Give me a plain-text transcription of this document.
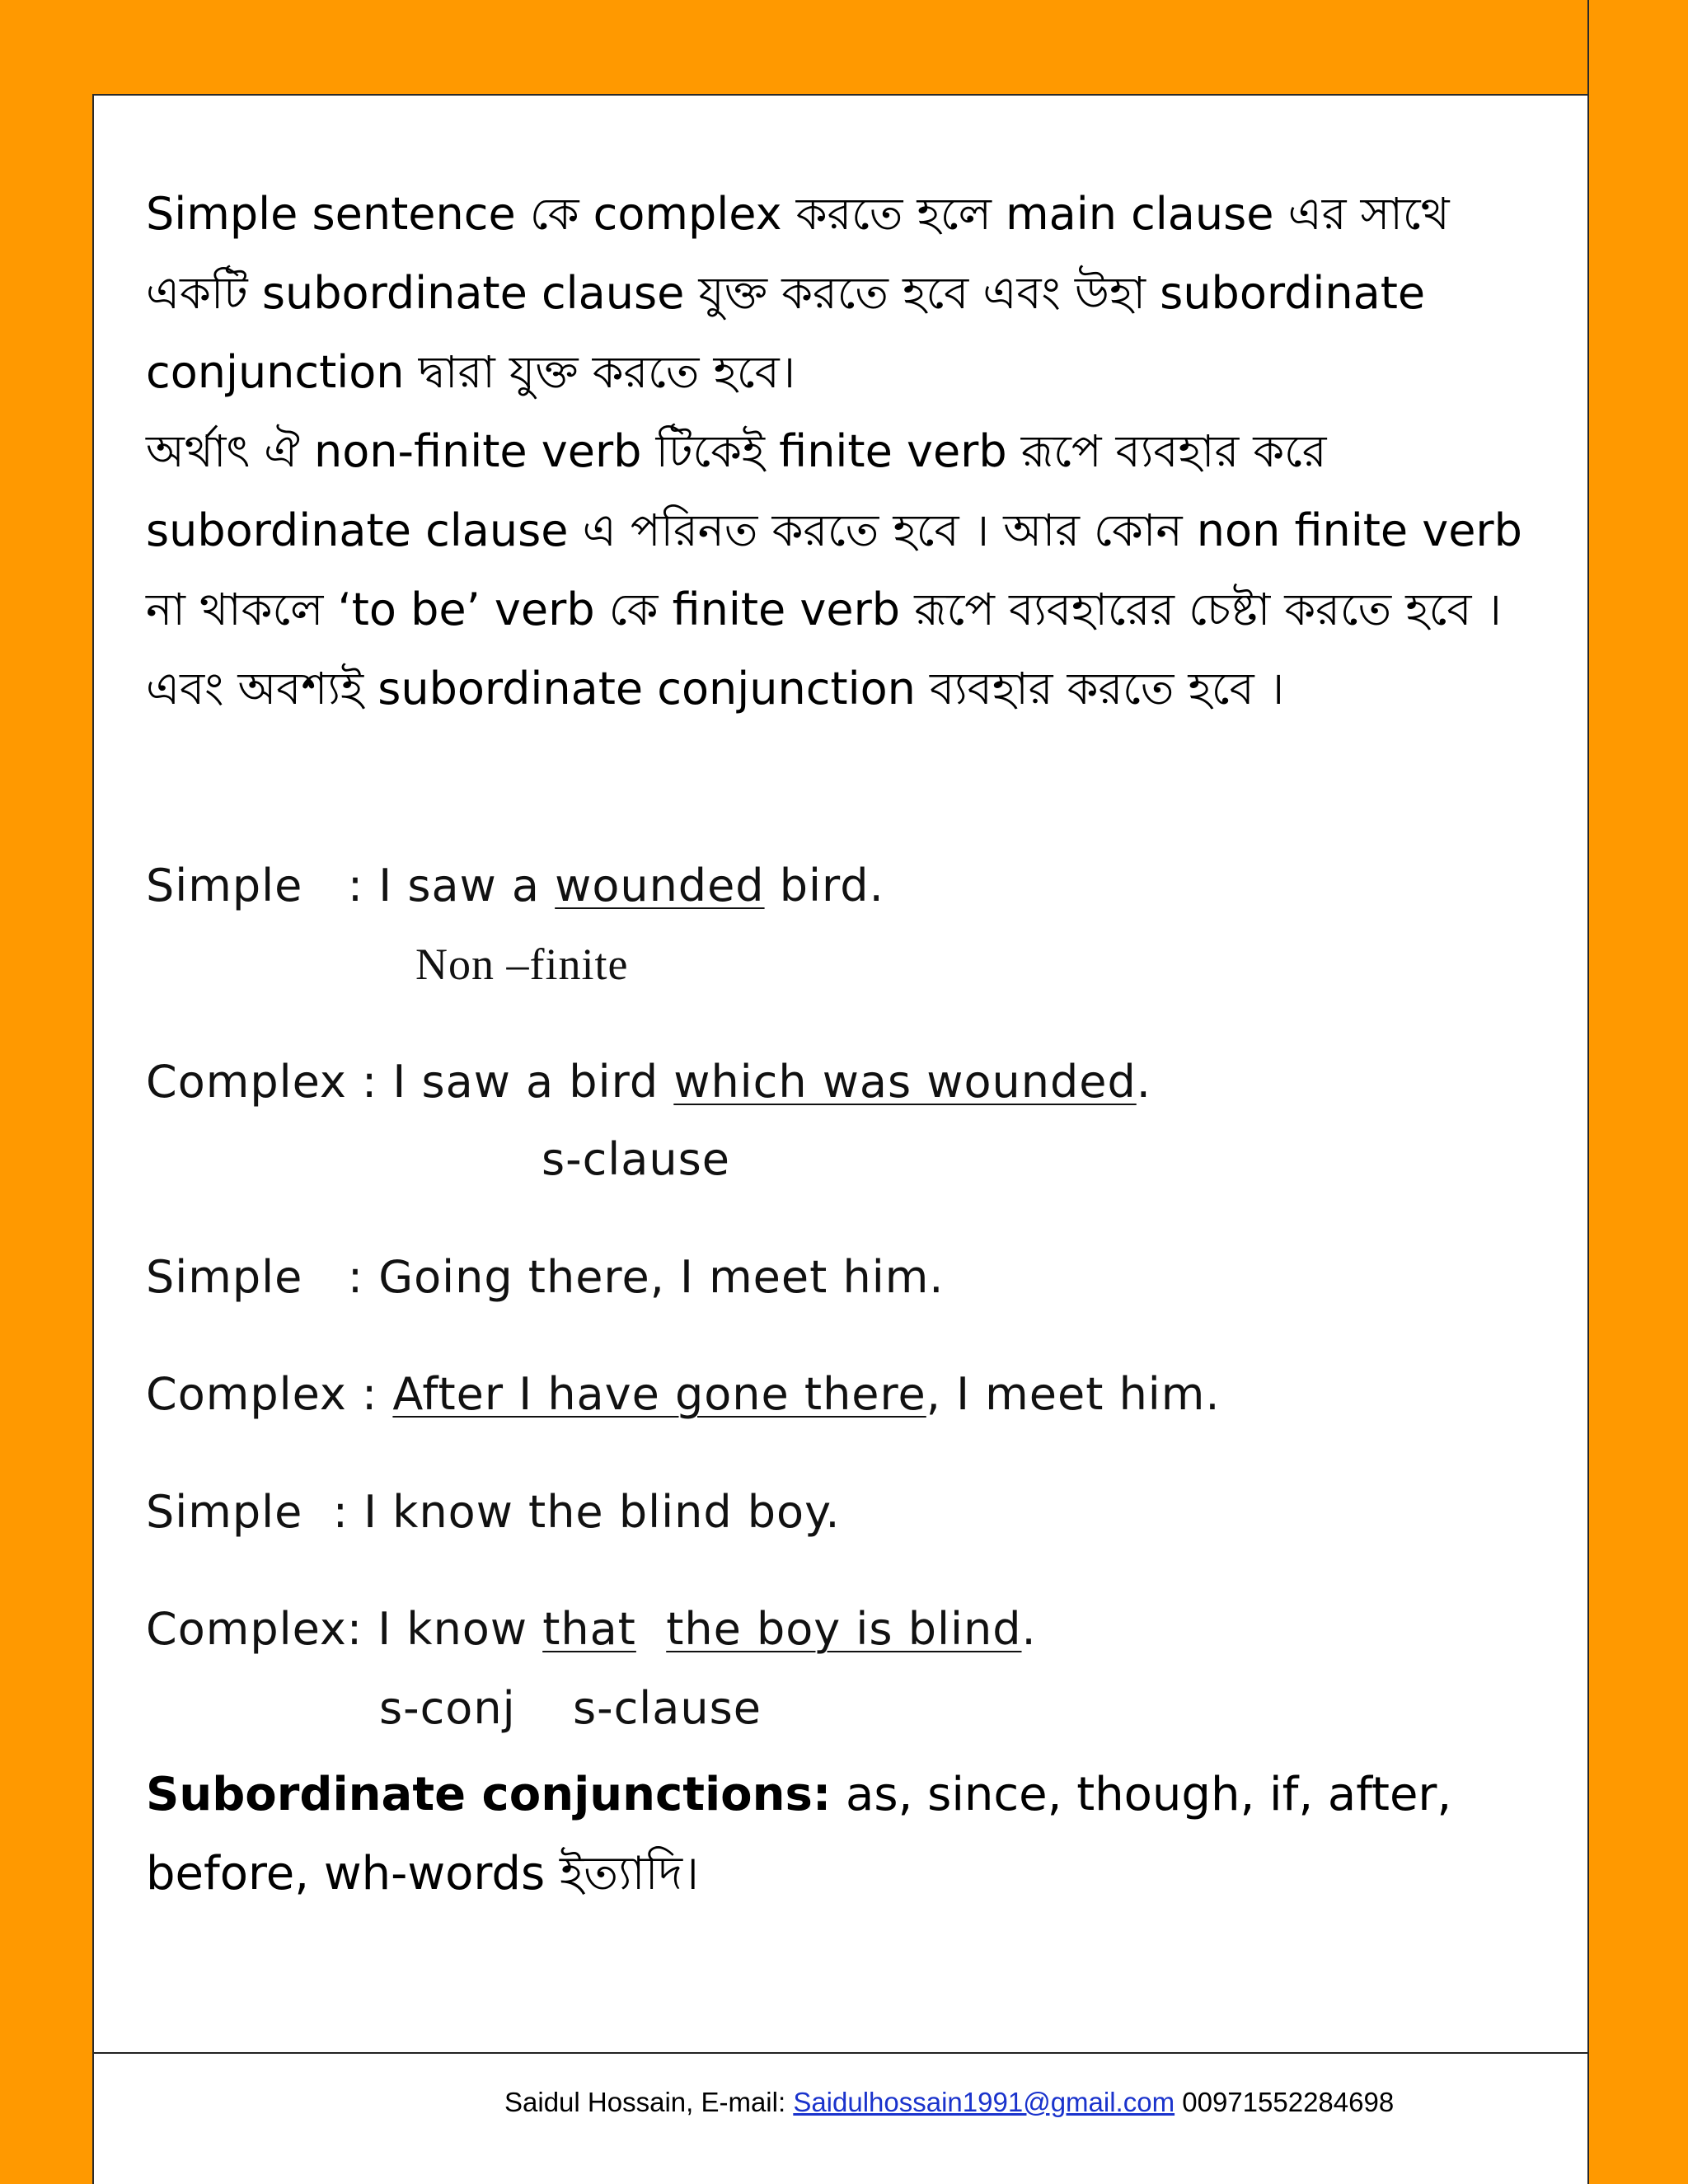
Simple sentence কে complex করতে হলে main clause এর সাথে একটি subordinate clause যুক্ত করতে হবে এবং উহা subordinate conjunction দ্বারা যুক্ত করতে হবে।

অর্থাৎ ঐ non-finite verb টিকেই finite verb রূপে ব্যবহার করে subordinate clause এ পরিনত করতে হবে । আর কোন non finite verb না থাকলে ‘to be’ verb কে finite verb রূপে ব্যবহারের চেষ্টা করতে হবে । এবং অবশ্যই subordinate conjunction ব্যবহার করতে হবে ।

Simple   : I saw a wounded bird.
Non –finite
Complex : I saw a bird which was wounded.
s-clause
Simple   : Going there, I meet him.
Complex : After I have gone there, I meet him.
Simple  : I know the blind boy.
Complex: I know that the boy is blind.
s-conj s-clause
Subordinate conjunctions: as, since, though, if, after, before, wh-words ইত্যাদি।
Saidul Hossain, E-mail: Saidulhossain1991@gmail.com 00971552284698
